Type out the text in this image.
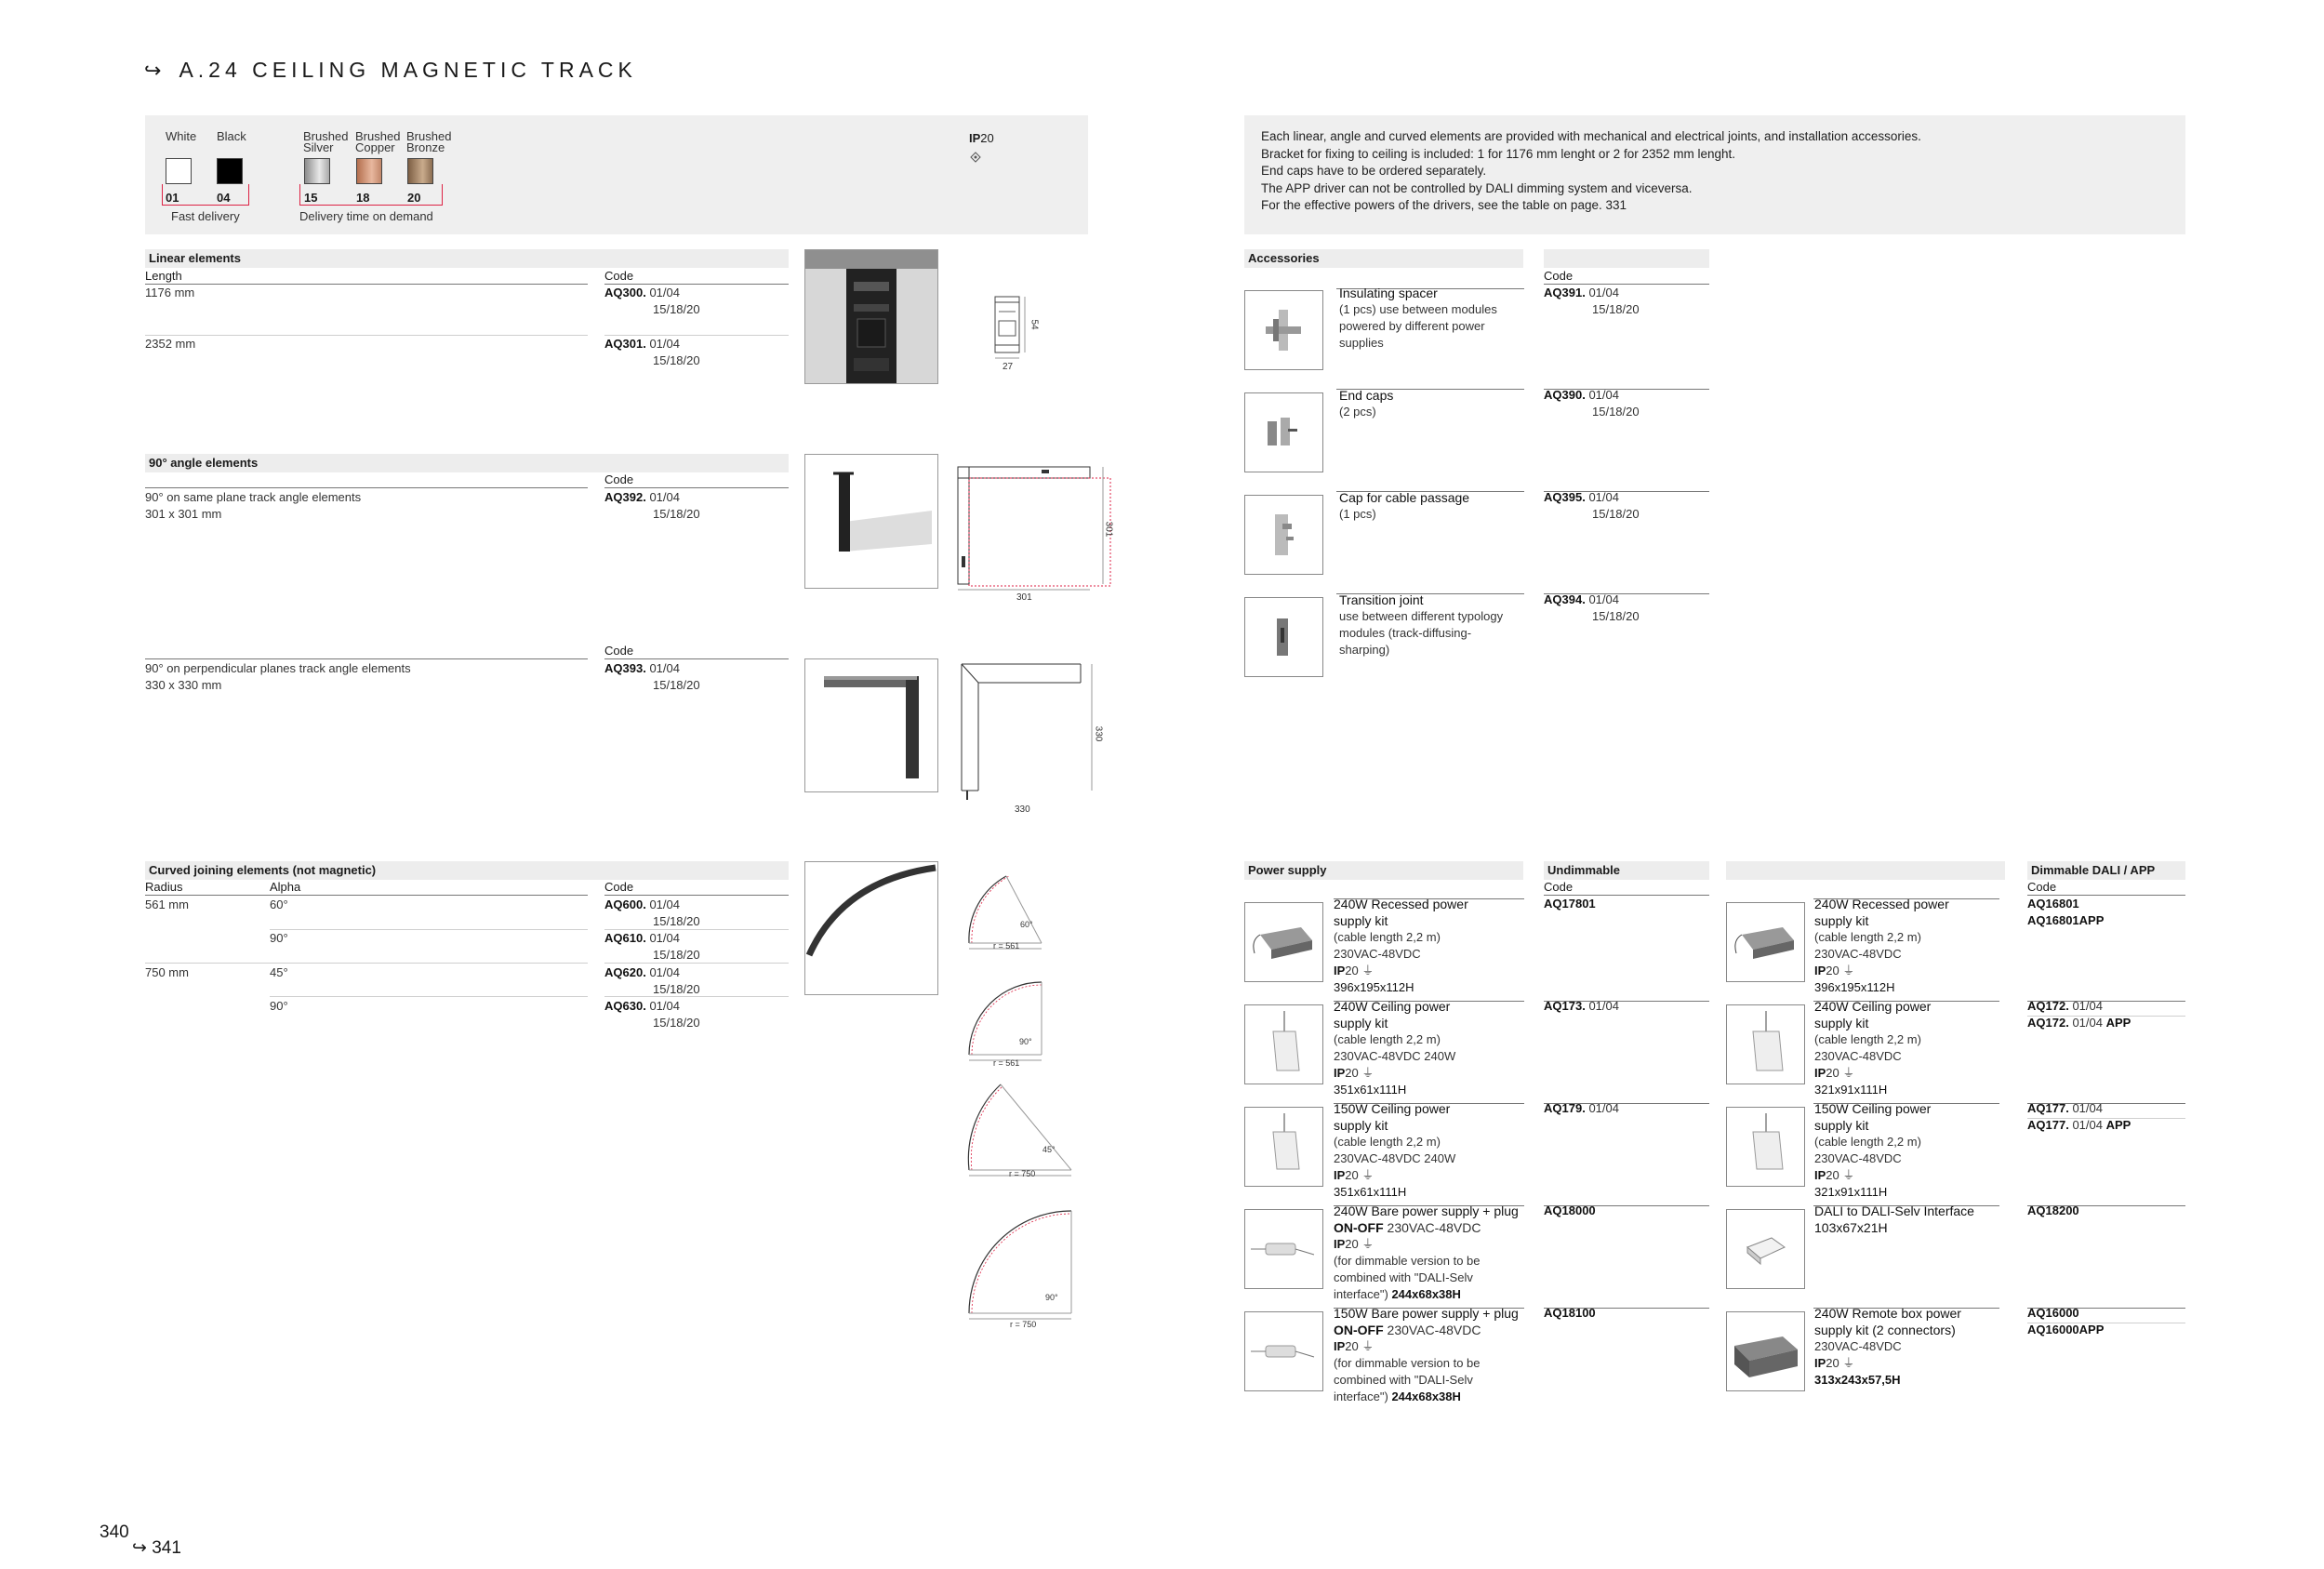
↪ A.24 CEILING MAGNETIC TRACK
White Black	Brushed
Silver
Brushed
Copper
Brushed
Bronze
01	04	15	18	20
Fast delivery	Delivery time on demand
IP20	Each linear, angle and curved elements are provided with mechanical and electrical joints, and installation accessories.
Bracket for fixing to ceiling is included: 1 for 1176 mm lenght or 2 for 2352 mm lenght.
End caps have to be ordered separately.
The APP driver can not be controlled by DALI dimming system and viceversa.
For the effective powers of the drivers, see the table on page. 331
Linear elements
Length	Code
1176 mm	AQ300. 01/04
15/18/20
2352 mm	AQ301. 01/04
15/18/20
54
27
90° angle elements
Code
90° on same plane track angle elements
301 x 301 mm
AQ392. 01/04
15/18/20
301
301
Code
90° on perpendicular planes track angle elements
330 x 330 mm
AQ393. 01/04
15/18/20
330
330
Curved joining elements (not magnetic)
Radius	Alpha	Code
561 mm	60°	AQ600. 01/04
15/18/20
90°	AQ610. 01/04
15/18/20
750 mm	45°	AQ620. 01/04
15/18/20
90°	AQ630. 01/04
15/18/20
60°
r = 561
90°
r = 561
45°
r = 750
90°
r = 750
Accessories
Code
Insulating spacer
(1 pcs) use between modules
powered by different power
supplies
AQ391. 01/04
15/18/20
End caps
(2 pcs)
AQ390. 01/04
15/18/20
Cap for cable passage
(1 pcs)
AQ395. 01/04
15/18/20
Transition joint
use between different typology
modules (track-diffusing-
sharping)
AQ394. 01/04
15/18/20
Power supply	Undimmable	Dimmable DALI / APP
Code	Code
240W Recessed power
supply kit
(cable length 2,2 m)
230VAC-48VDC
IP20 ⏚
396x195x112H
AQ17801
240W Ceiling power
supply kit
(cable length 2,2 m)
230VAC-48VDC 240W
IP20 ⏚
351x61x111H
AQ173. 01/04
150W Ceiling power
supply kit
(cable length 2,2 m)
230VAC-48VDC 240W
IP20 ⏚
351x61x111H
AQ179. 01/04
240W Bare power supply + plug
ON-OFF 230VAC-48VDC
IP20 ⏚
(for dimmable version to be
combined with "DALI-Selv
interface") 244x68x38H
AQ18000
150W Bare power supply + plug
ON-OFF 230VAC-48VDC
IP20 ⏚
(for dimmable version to be
combined with "DALI-Selv
interface") 244x68x38H
AQ18100
240W Recessed power
supply kit
(cable length 2,2 m)
230VAC-48VDC
IP20 ⏚
396x195x112H
AQ16801
AQ16801APP
240W Ceiling power
supply kit
(cable length 2,2 m)
230VAC-48VDC
IP20 ⏚
321x91x111H
AQ172. 01/04
AQ172. 01/04 APP
150W Ceiling power
supply kit
(cable length 2,2 m)
230VAC-48VDC
IP20 ⏚
321x91x111H
AQ177. 01/04
AQ177. 01/04 APP
DALI to DALI-Selv Interface
103x67x21H
AQ18200
240W Remote box power
supply kit (2 connectors)
230VAC-48VDC
IP20 ⏚
313x243x57,5H
AQ16000
AQ16000APP
340
↪ 341
